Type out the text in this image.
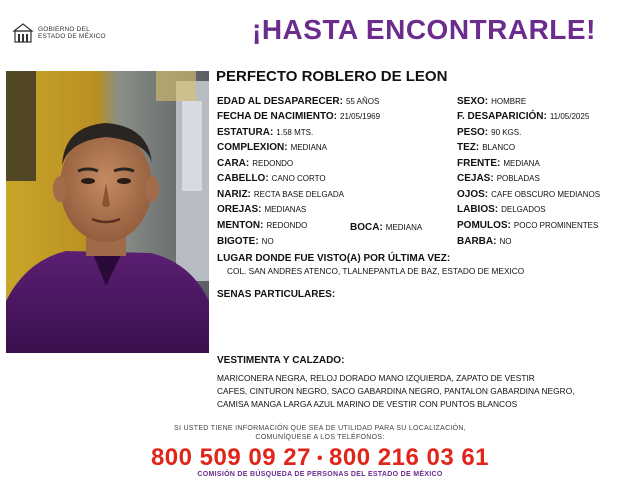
GOBIERNO DEL
ESTADO DE MÉXICO	¡HASTA ENCONTRARLE!
PERFECTO ROBLERO DE LEON
EDAD AL DESAPARECER: 55 AÑOS
FECHA DE NACIMIENTO: 21/05/1969
ESTATURA: 1.58 MTS.
COMPLEXION: MEDIANA
CARA: REDONDO
CABELLO: CANO CORTO
NARIZ: RECTA BASE DELGADA
OREJAS: MEDIANAS
MENTON: REDONDO	BOCA: MEDIANA
BIGOTE: NO
SEXO: HOMBRE
F. DESAPARICIÓN: 11/05/2025
PESO: 90 KGS.
TEZ: BLANCO
FRENTE: MEDIANA
CEJAS: POBLADAS
OJOS: CAFE OBSCURO MEDIANOS
LABIOS: DELGADOS
POMULOS: POCO PROMINENTES
BARBA: NO
LUGAR DONDE FUE VISTO(A) POR ÚLTIMA VEZ:
COL. SAN ANDRES ATENCO, TLALNEPANTLA DE BAZ, ESTADO DE MEXICO
SENAS PARTICULARES:
VESTIMENTA Y CALZADO:
MARICONERA NEGRA, RELOJ DORADO MANO IZQUIERDA, ZAPATO DE VESTIR
CAFES, CINTURON NEGRO, SACO GABARDINA NEGRO, PANTALON GABARDINA NEGRO,
CAMISA MANGA LARGA AZUL MARINO DE VESTIR CON PUNTOS BLANCOS
SI USTED TIENE INFORMACIÓN QUE SEA DE UTILIDAD PARA SU LOCALIZACIÓN,
COMUNÍQUESE A LOS TELÉFONOS:
800 509 09 27 • 800 216 03 61
COMISIÓN DE BÚSQUEDA DE PERSONAS DEL ESTADO DE MÉXICO
